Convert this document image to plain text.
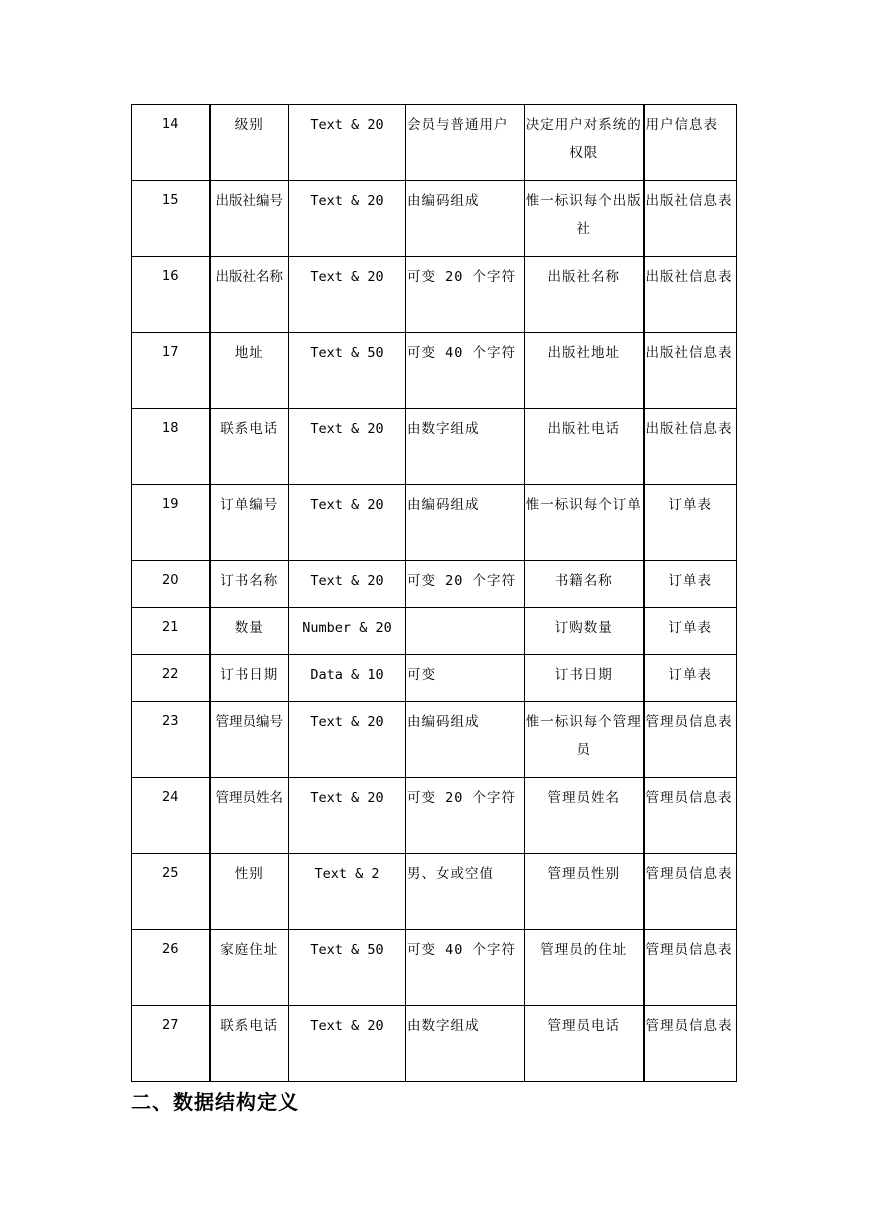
14	级别	Text & 20	会员与普通用户	决定用户对系统的权限	用户信息表

15	出版社编号	Text & 20	由编码组成	惟一标识每个出版社	出版社信息表

16	出版社名称	Text & 20	可变 20 个字符	出版社名称	出版社信息表

17	地址	Text & 50	可变 40 个字符	出版社地址	出版社信息表

18	联系电话	Text & 20	由数字组成	出版社电话	出版社信息表

19	订单编号	Text & 20	由编码组成	惟一标识每个订单	订单表

20	订书名称	Text & 20	可变 20 个字符	书籍名称	订单表

21	数量	Number & 20		订购数量	订单表

22	订书日期	Data & 10	可变	订书日期	订单表

23	管理员编号	Text & 20	由编码组成	惟一标识每个管理员	管理员信息表

24	管理员姓名	Text & 20	可变 20 个字符	管理员姓名	管理员信息表

25	性别	Text & 2	男、女或空值	管理员性别	管理员信息表

26	家庭住址	Text & 50	可变 40 个字符	管理员的住址	管理员信息表

27	联系电话	Text & 20	由数字组成	管理员电话	管理员信息表
二、数据结构定义
